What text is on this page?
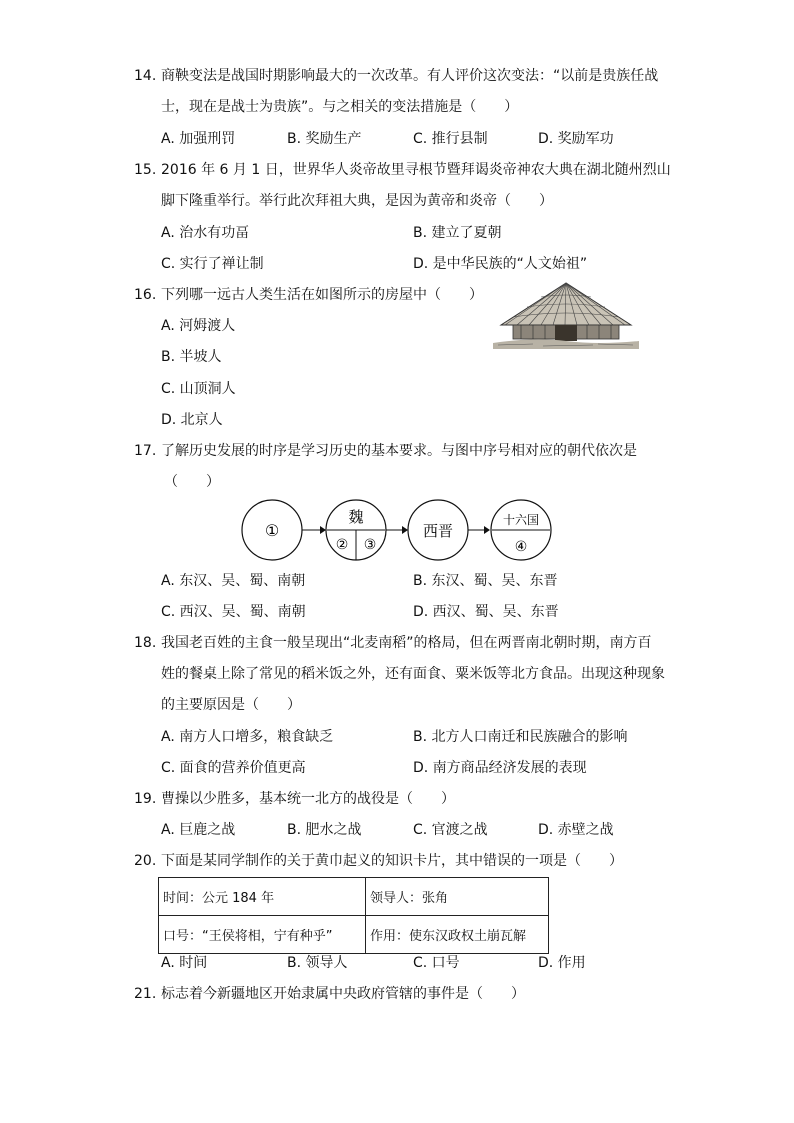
14. 商鞅变法是战国时期影响最大的一次改革。有人评价这次变法：“以前是贵族任战
士，现在是战士为贵族”。与之相关的变法措施是（　　）
A. 加强刑罚	B. 奖励生产	C. 推行县制	D. 奖励军功
15. 2016 年 6 月 1 日，世界华人炎帝故里寻根节暨拜谒炎帝神农大典在湖北随州烈山
脚下隆重举行。举行此次拜祖大典，是因为黄帝和炎帝（　　）
A. 治水有功畐	B. 建立了夏朝
C. 实行了禅让制	D. 是中华民族的“人文始祖”
16. 下列哪一远古人类生活在如图所示的房屋中（　　）
A. 河姆渡人
B. 半坡人
C. 山顶洞人
D. 北京人
17. 了解历史发展的时序是学习历史的基本要求。与图中序号相对应的朝代依次是
（　　）
①
魏
② ③
西晋
十六国
④
A. 东汉、吴、蜀、南朝	B. 东汉、蜀、吴、东晋
C. 西汉、吴、蜀、南朝	D. 西汉、蜀、吴、东晋
18. 我国老百姓的主食一般呈现出“北麦南稻”的格局，但在两晋南北朝时期，南方百
姓的餐桌上除了常见的稻米饭之外，还有面食、粟米饭等北方食品。出现这种现象
的主要原因是（　　）
A. 南方人口增多，粮食缺乏	B. 北方人口南迁和民族融合的影响
C. 面食的营养价值更高	D. 南方商品经济发展的表现
19. 曹操以少胜多，基本统一北方的战役是（　　）
A. 巨鹿之战	B. 肥水之战	C. 官渡之战	D. 赤壁之战
20. 下面是某同学制作的关于黄巾起义的知识卡片，其中错误的一项是（　　）
时间：公元 184 年	领导人：张角
口号：“王侯将相，宁有种乎”	作用：使东汉政权土崩瓦解
A. 时间	B. 领导人	C. 口号	D. 作用
21. 标志着今新疆地区开始隶属中央政府管辖的事件是（　　）
